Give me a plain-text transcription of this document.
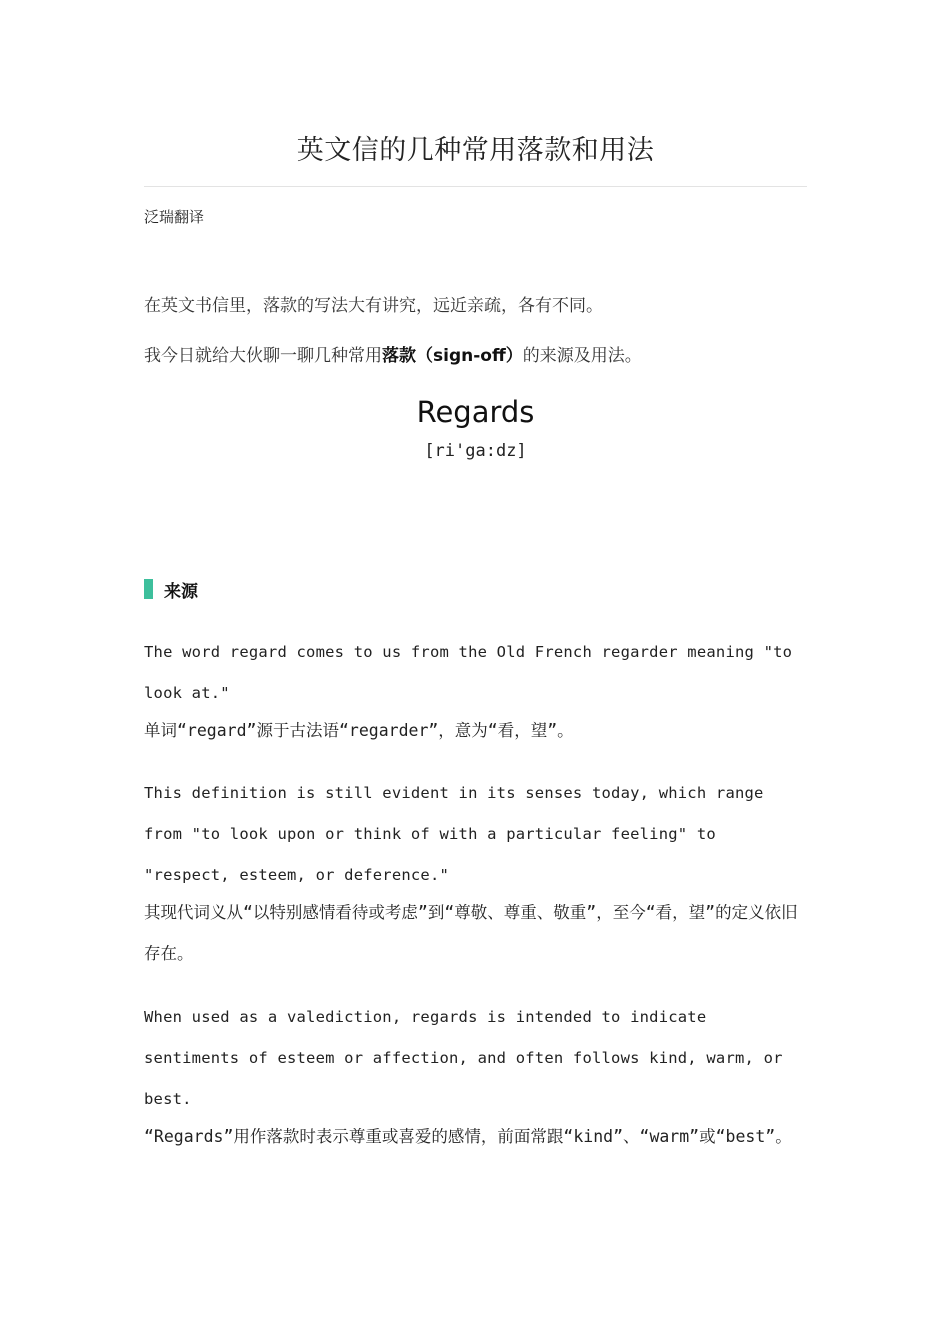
英文信的几种常用落款和用法
泛瑞翻译
在英文书信里，落款的写法大有讲究，远近亲疏，各有不同。
我今日就给大伙聊一聊几种常用落款（sign-off）的来源及用法。
Regards
[ri'ga:dz]
来源
The word regard comes to us from the Old French regarder meaning "to look at."
单词“regard”源于古法语“regarder”，意为“看，望”。
This definition is still evident in its senses today, which range from "to look upon or think of with a particular feeling" to "respect, esteem, or deference."
其现代词义从“以特别感情看待或考虑”到“尊敬、尊重、敬重”，至今“看，望”的定义依旧存在。
When used as a valediction, regards is intended to indicate sentiments of esteem or affection, and often follows kind, warm, or best.
“Regards”用作落款时表示尊重或喜爱的感情，前面常跟“kind”、“warm”或“best”。
